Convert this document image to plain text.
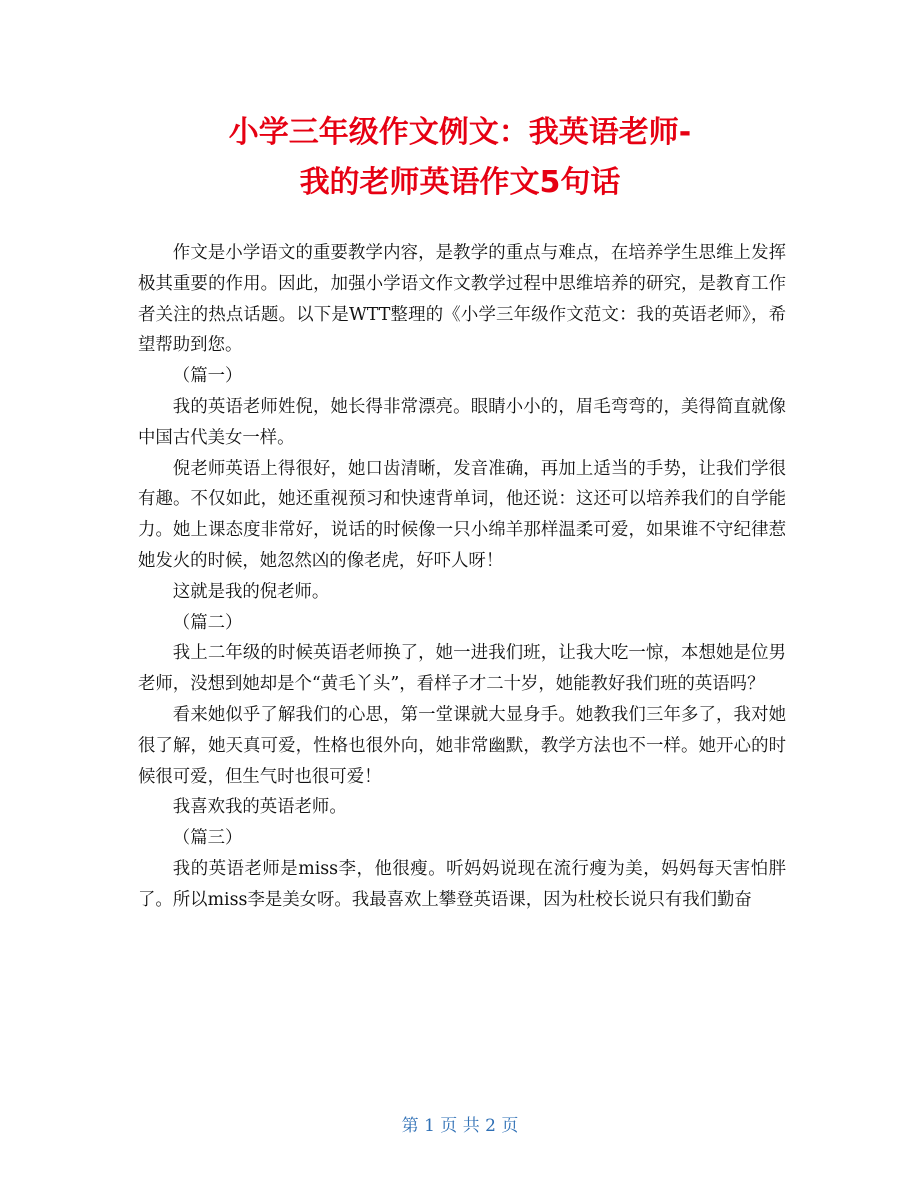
小学三年级作文例文：我英语老师-
我的老师英语作文5句话

作文是小学语文的重要教学内容，是教学的重点与难点，在培养学生思维上发挥极其重要的作用。因此，加强小学语文作文教学过程中思维培养的研究，是教育工作者关注的热点话题。以下是WTT整理的《小学三年级作文范文：我的英语老师》，希望帮助到您。

（篇一）

我的英语老师姓倪，她长得非常漂亮。眼睛小小的，眉毛弯弯的，美得简直就像中国古代美女一样。

倪老师英语上得很好，她口齿清晰，发音准确，再加上适当的手势，让我们学很有趣。不仅如此，她还重视预习和快速背单词，他还说：这还可以培养我们的自学能力。她上课态度非常好，说话的时候像一只小绵羊那样温柔可爱，如果谁不守纪律惹她发火的时候，她忽然凶的像老虎，好吓人呀！

这就是我的倪老师。

（篇二）

我上二年级的时候英语老师换了，她一进我们班，让我大吃一惊，本想她是位男老师，没想到她却是个“黄毛丫头”，看样子才二十岁，她能教好我们班的英语吗？

看来她似乎了解我们的心思，第一堂课就大显身手。她教我们三年多了，我对她很了解，她天真可爱，性格也很外向，她非常幽默，教学方法也不一样。她开心的时候很可爱，但生气时也很可爱！

我喜欢我的英语老师。

（篇三）

我的英语老师是miss李，他很瘦。听妈妈说现在流行瘦为美，妈妈每天害怕胖了。所以miss李是美女呀。我最喜欢上攀登英语课，因为杜校长说只有我们勤奋

第 1 页 共 2 页
